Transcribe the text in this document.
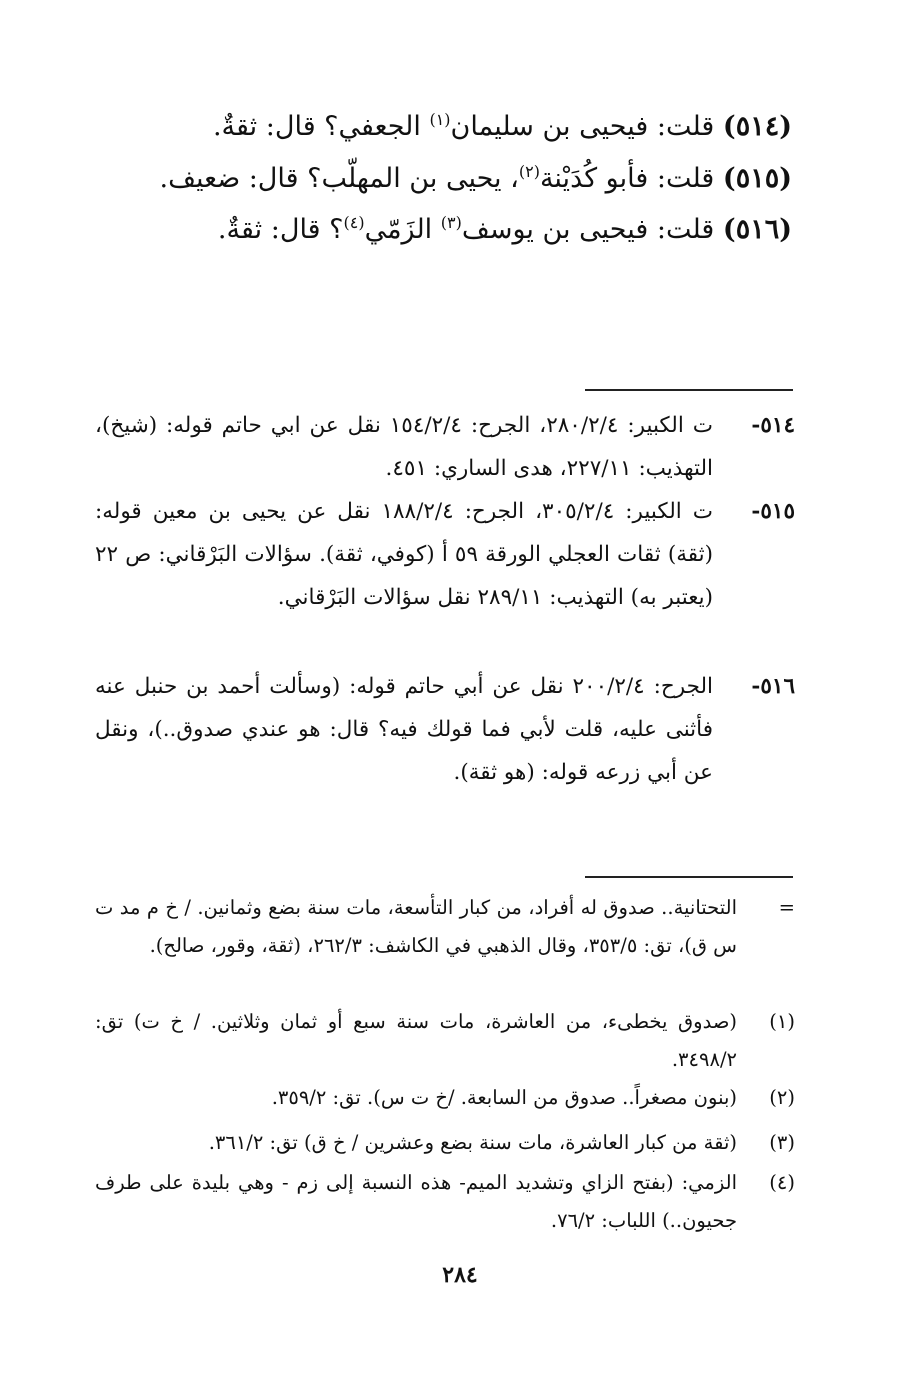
(٥١٤) قلت: فيحيى بن سليمان$^{(١)}$ الجعفي؟ قال: ثقةٌ.
(٥١٥) قلت: فأبو كُدَيْنة$^{(٢)}$، يحيى بن المهلّب؟ قال: ضعيف.
(٥١٦) قلت: فيحيى بن يوسف$^{(٣)}$ الزَمّي$^{(٤)}$؟ قال: ثقةٌ.
٥١٤-
ت الكبير: ٢٨٠/٢/٤، الجرح: ١٥٤/٢/٤ نقل عن ابي حاتم قوله: (شيخ)، التهذيب: ٢٢٧/١١، هدى الساري: ٤٥١.
٥١٥-
ت الكبير: ٣٠٥/٢/٤، الجرح: ١٨٨/٢/٤ نقل عن يحيى بن معين قوله: (ثقة) ثقات العجلي الورقة ٥٩ أ (كوفي، ثقة). سؤالات البَرْقاني: ص ٢٢ (يعتبر به) التهذيب: ٢٨٩/١١ نقل سؤالات البَرْقاني.
٥١٦-
الجرح: ٢٠٠/٢/٤ نقل عن أبي حاتم قوله: (وسألت أحمد بن حنبل عنه فأثنى عليه، قلت لأبي فما قولك فيه؟ قال: هو عندي صدوق..)، ونقل عن أبي زرعه قوله: (هو ثقة).
=
التحتانية.. صدوق له أفراد، من كبار التأسعة، مات سنة بضع وثمانين. / خ م مد ت س ق)، تق: ٣٥٣/٥، وقال الذهبي في الكاشف: ٢٦٢/٣، (ثقة، وقور، صالح).
(١)
(صدوق يخطىء، من العاشرة، مات سنة سبع أو ثمان وثلاثين. / خ ت) تق: ٣٤٩٨/٢.
(٢)
(بنون مصغراً.. صدوق من السابعة. /خ ت س). تق: ٣٥٩/٢.
(٣)
(ثقة من كبار العاشرة، مات سنة بضع وعشرين / خ ق) تق: ٣٦١/٢.
(٤)
الزمي: (بفتح الزاي وتشديد الميم- هذه النسبة إلى زم - وهي بليدة على طرف جحيون..) اللباب: ٧٦/٢.
٢٨٤
